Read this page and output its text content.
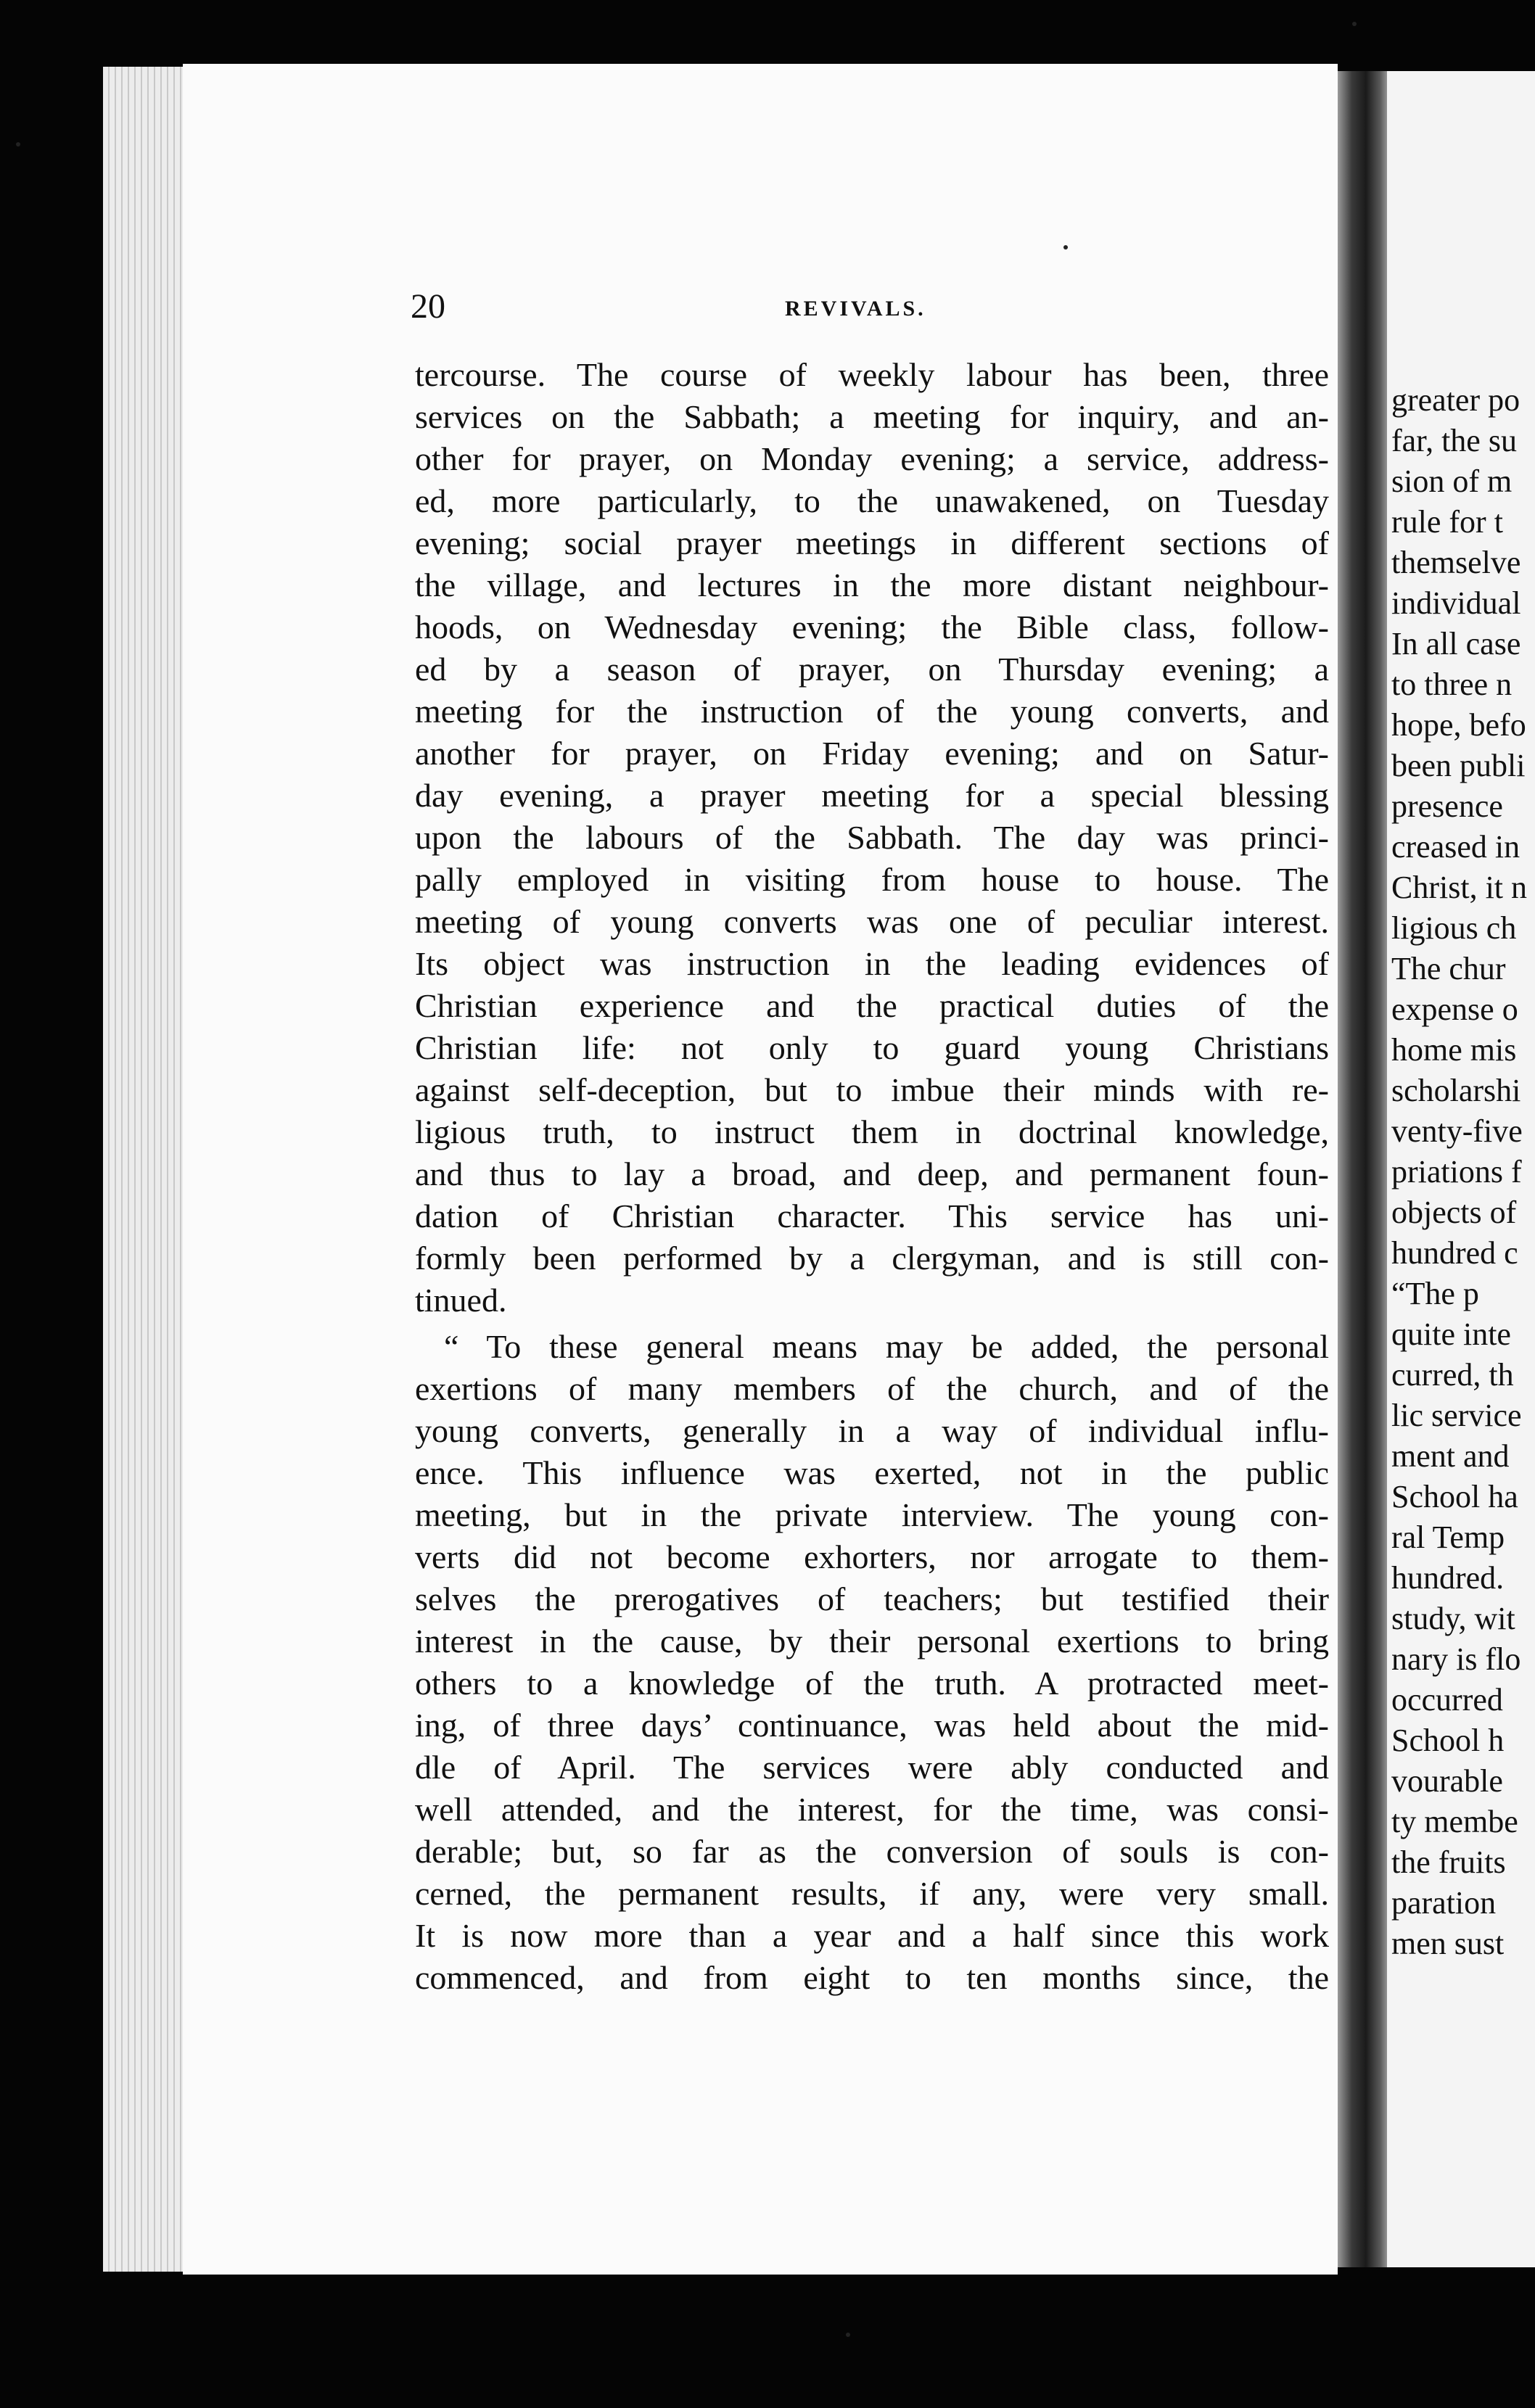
greater po
far, the su
sion of m
rule for t
themselve
individual
In all case
to three n
hope, befo
been publi
presence
creased in
Christ, it n
ligious ch
The chur
expense o
home mis
scholarshi
venty-five
priations f
objects of
hundred c
“The p
quite inte
curred, th
lic service
ment and
School ha
ral Temp
hundred.
study, wit
nary is flo
occurred
School h
vourable
ty membe
the fruits
paration
men sust
20	REVIVALS.
tercourse. The course of weekly labour has been, three
services on the Sabbath; a meeting for inquiry, and an-
other for prayer, on Monday evening; a service, address-
ed, more particularly, to the unawakened, on Tuesday
evening; social prayer meetings in different sections of
the village, and lectures in the more distant neighbour-
hoods, on Wednesday evening; the Bible class, follow-
ed by a season of prayer, on Thursday evening; a
meeting for the instruction of the young converts, and
another for prayer, on Friday evening; and on Satur-
day evening, a prayer meeting for a special blessing
upon the labours of the Sabbath. The day was princi-
pally employed in visiting from house to house. The
meeting of young converts was one of peculiar interest.
Its object was instruction in the leading evidences of
Christian experience and the practical duties of the
Christian life: not only to guard young Christians
against self-deception, but to imbue their minds with re-
ligious truth, to instruct them in doctrinal knowledge,
and thus to lay a broad, and deep, and permanent foun-
dation of Christian character. This service has uni-
formly been performed by a clergyman, and is still con-
tinued.
“ To these general means may be added, the personal
exertions of many members of the church, and of the
young converts, generally in a way of individual influ-
ence. This influence was exerted, not in the public
meeting, but in the private interview. The young con-
verts did not become exhorters, nor arrogate to them-
selves the prerogatives of teachers; but testified their
interest in the cause, by their personal exertions to bring
others to a knowledge of the truth. A protracted meet-
ing, of three days’ continuance, was held about the mid-
dle of April. The services were ably conducted and
well attended, and the interest, for the time, was consi-
derable; but, so far as the conversion of souls is con-
cerned, the permanent results, if any, were very small.
It is now more than a year and a half since this work
commenced, and from eight to ten months since, the
